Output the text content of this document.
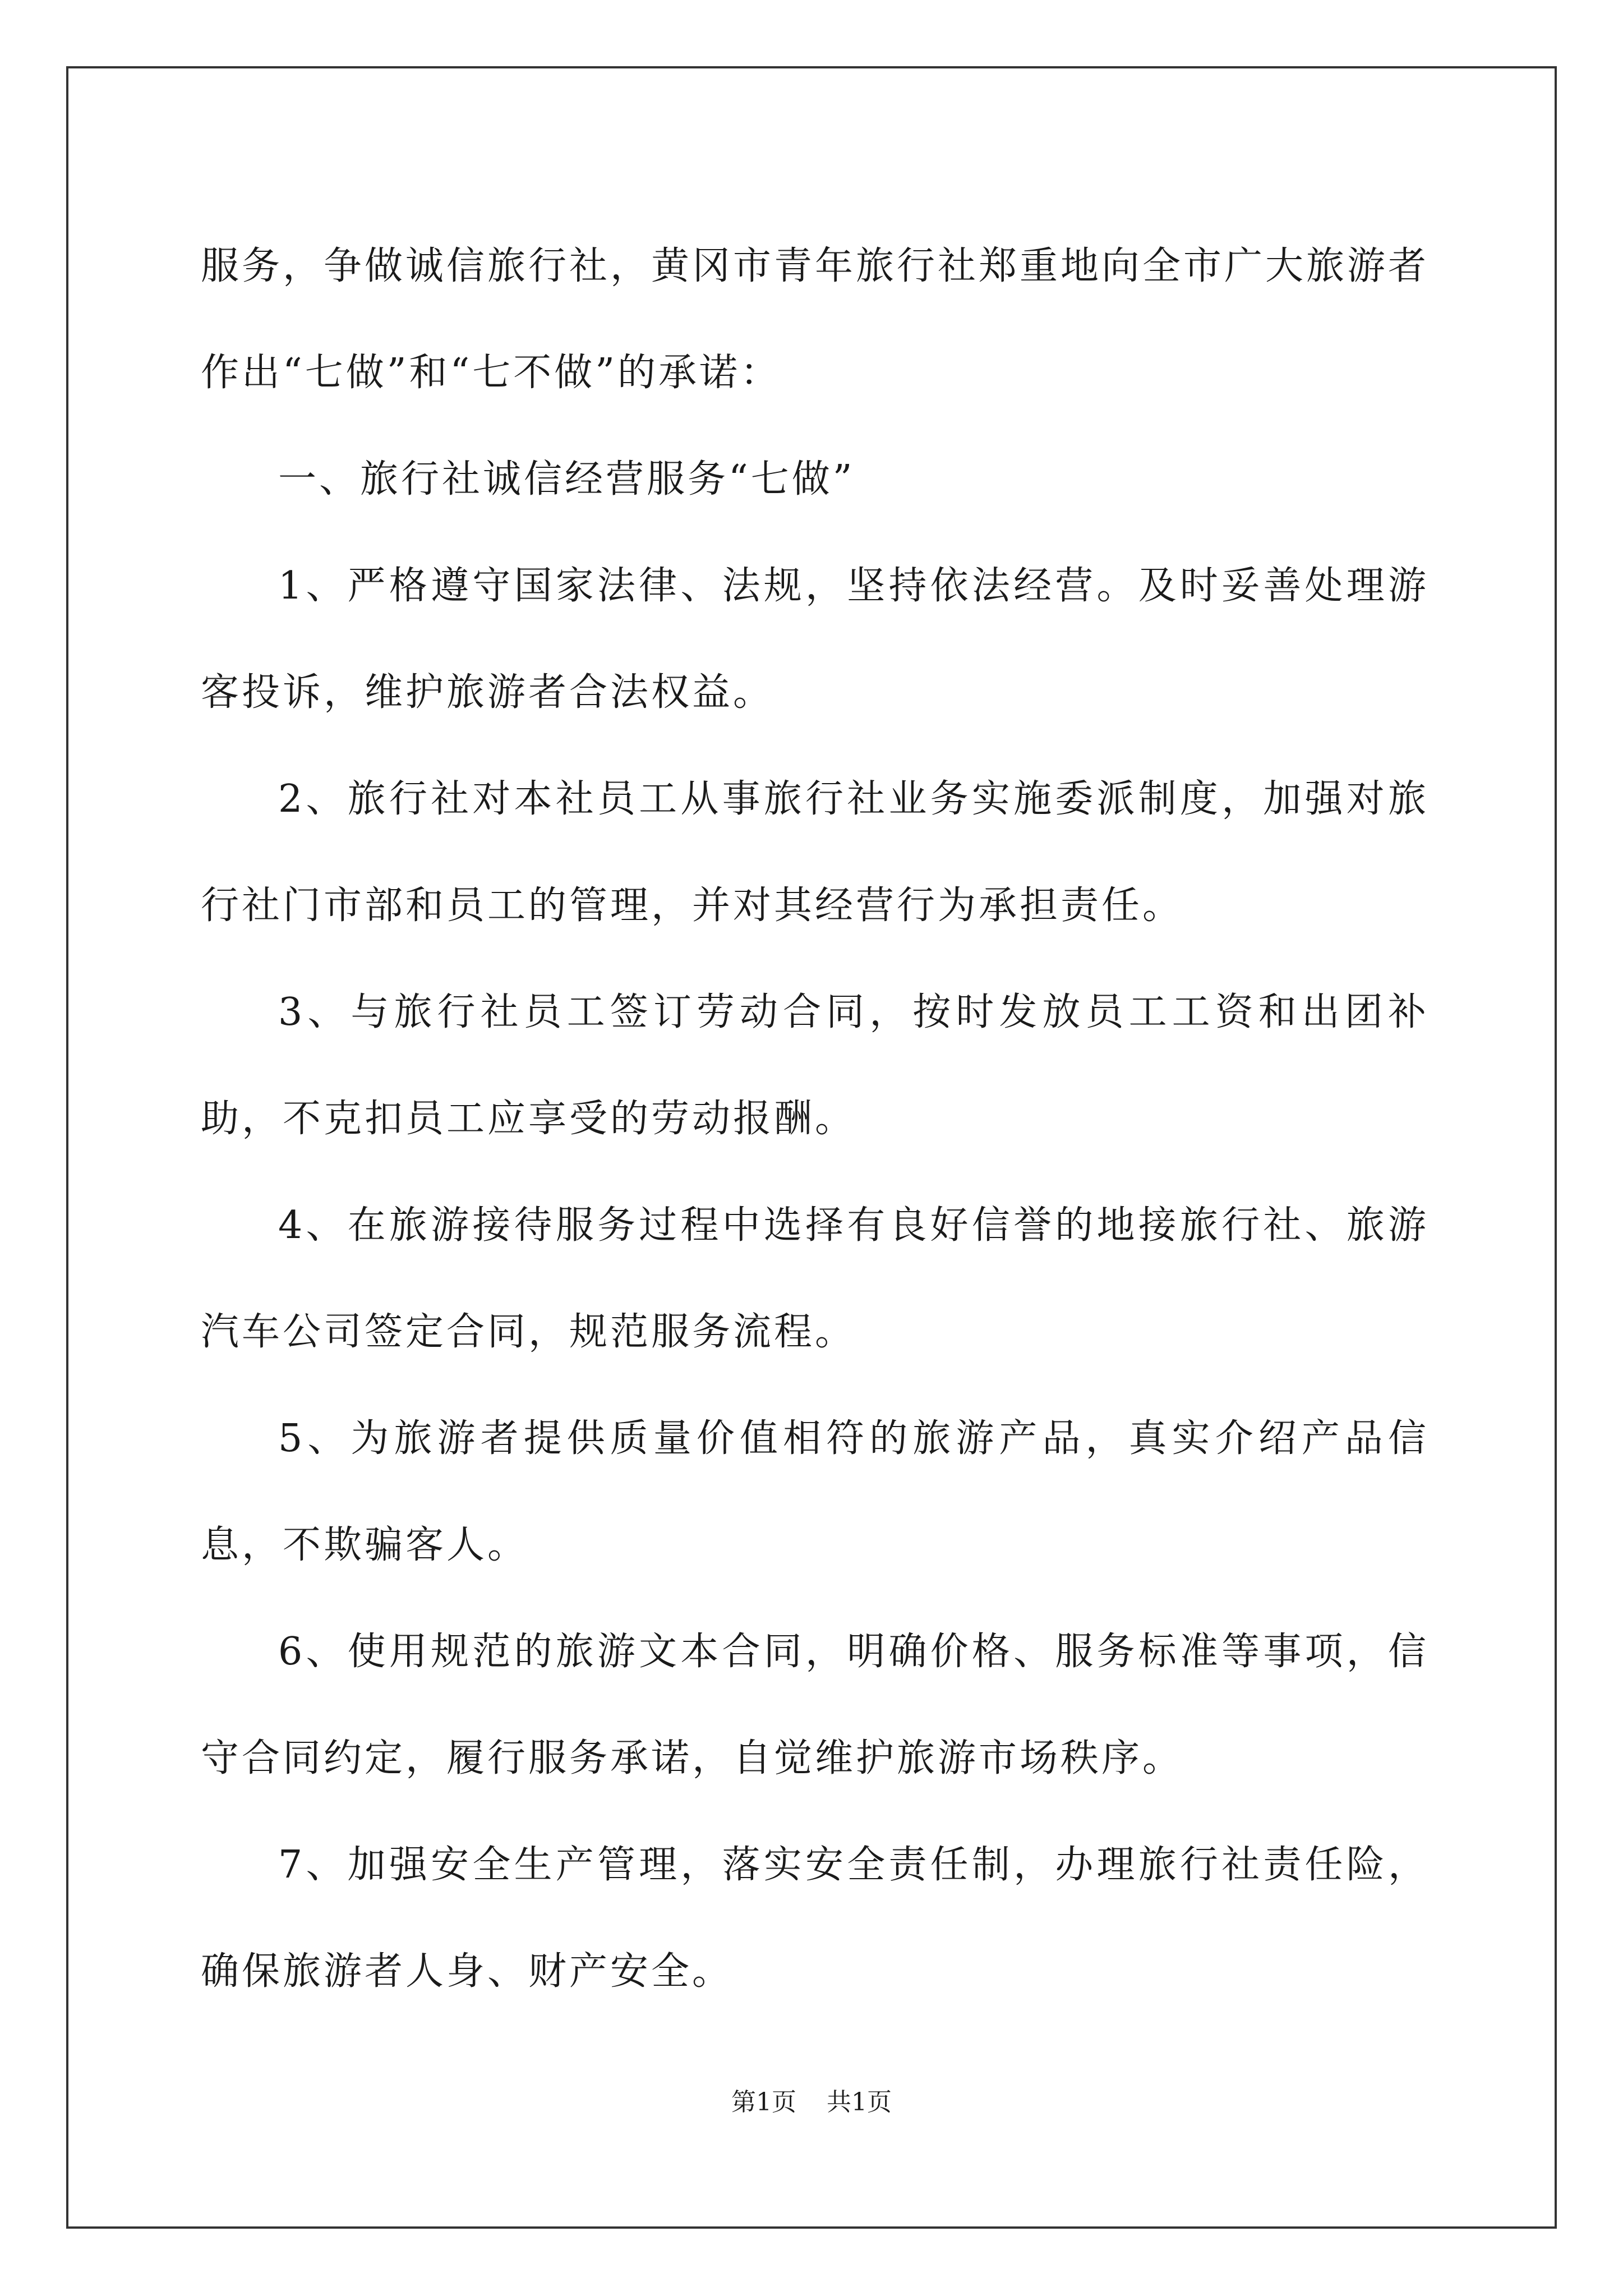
服务，争做诚信旅行社，黄冈市青年旅行社郑重地向全市广大旅游者作出“七做”和“七不做”的承诺：

一、旅行社诚信经营服务“七做”

1、严格遵守国家法律、法规，坚持依法经营。及时妥善处理游客投诉，维护旅游者合法权益。

2、旅行社对本社员工从事旅行社业务实施委派制度，加强对旅行社门市部和员工的管理，并对其经营行为承担责任。

3、与旅行社员工签订劳动合同，按时发放员工工资和出团补助，不克扣员工应享受的劳动报酬。

4、在旅游接待服务过程中选择有良好信誉的地接旅行社、旅游汽车公司签定合同，规范服务流程。

5、为旅游者提供质量价值相符的旅游产品，真实介绍产品信息，不欺骗客人。

6、使用规范的旅游文本合同，明确价格、服务标准等事项，信守合同约定，履行服务承诺，自觉维护旅游市场秩序。

7、加强安全生产管理，落实安全责任制，办理旅行社责任险，确保旅游者人身、财产安全。

第1页 共1页
